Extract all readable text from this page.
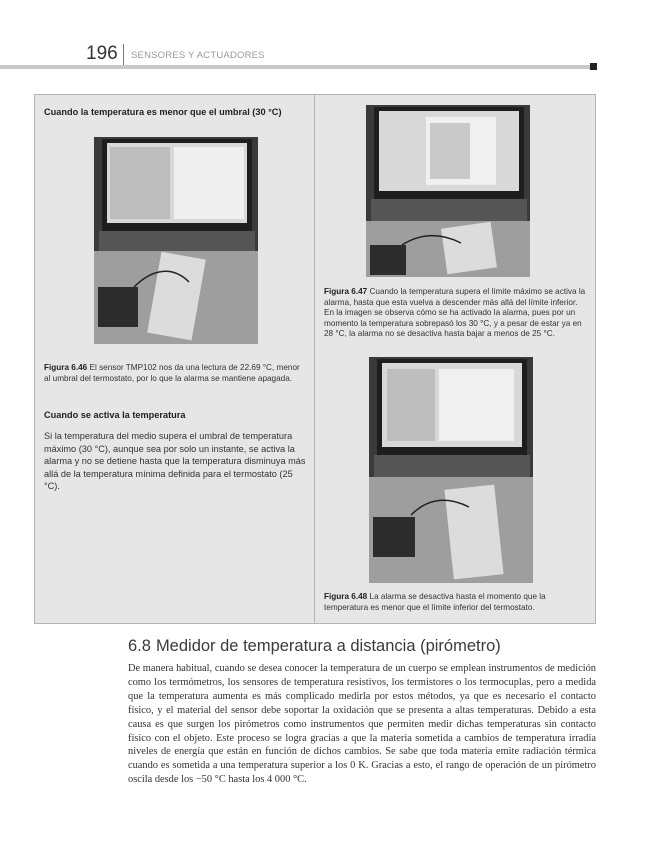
196 SENSORES Y ACTUADORES
Cuando la temperatura es menor que el umbral (30 °C)
Figura 6.46 El sensor TMP102 nos da una lectura de 22.69 °C, menor al umbral del termostato, por lo que la alarma se mantiene apagada.
Cuando se activa la temperatura
Si la temperatura del medio supera el umbral de temperatura máximo (30 °C), aunque sea por solo un instante, se activa la alarma y no se detiene hasta que la temperatura disminuya más allá de la temperatura mínima definida para el termostato (25 °C).
Figura 6.47 Cuando la temperatura supera el límite máximo se activa la alarma, hasta que esta vuelva a descender más allá del límite inferior. En la imagen se observa cómo se ha activado la alarma, pues por un momento la temperatura sobrepasó los 30 °C, y a pesar de estar ya en 28 °C, la alarma no se desactiva hasta bajar a menos de 25 °C.
Figura 6.48 La alarma se desactiva hasta el momento que la temperatura es menor que el límite inferior del termostato.
6.8 Medidor de temperatura a distancia (pirómetro)
De manera habitual, cuando se desea conocer la temperatura de un cuerpo se emplean instrumentos de medición como los termómetros, los sensores de temperatura resistivos, los termistores o los termocuplas, pero a medida que la temperatura aumenta es más complicado medirla por estos métodos, ya que es necesario el contacto físico, y el material del sensor debe soportar la oxidación que se presenta a altas temperaturas. Debido a esta causa es que surgen los pirómetros como instrumentos que permiten medir dichas temperaturas sin contacto físico con el objeto. Este proceso se logra gracias a que la materia sometida a cambios de temperatura irradia niveles de energía que están en función de dichos cambios. Se sabe que toda materia emite radiación térmica cuando es sometida a una temperatura superior a los 0 K. Gracias a esto, el rango de operación de un pirómetro oscila desde los −50 °C hasta los 4 000 °C.
